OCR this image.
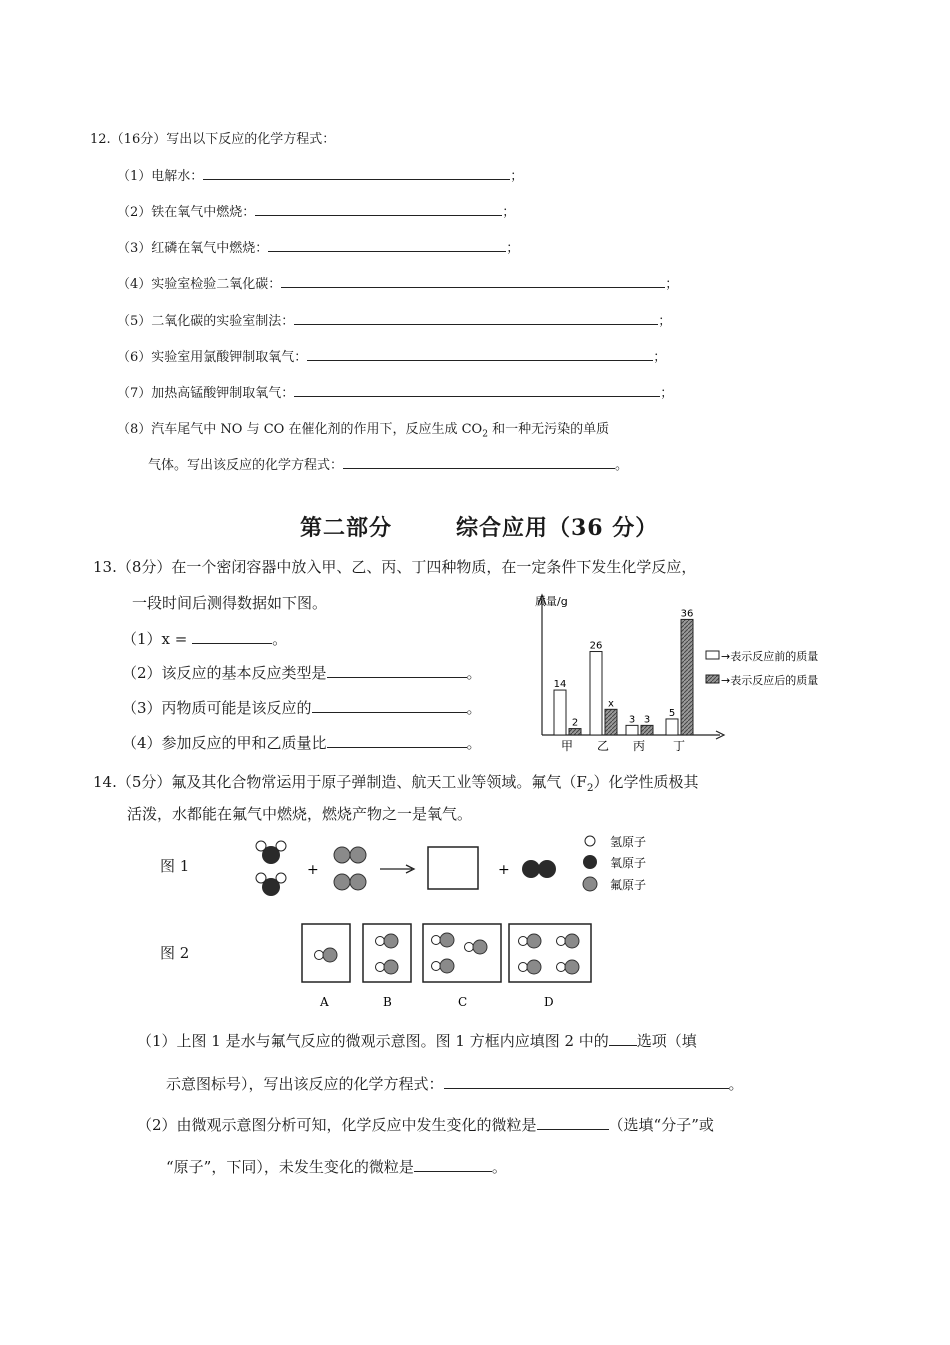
12.（16分）写出以下反应的化学方程式：
（1）电解水：	；
（2）铁在氧气中燃烧：	；
（3）红磷在氧气中燃烧：	；
（4）实验室检验二氧化碳：	；
（5）二氧化碳的实验室制法：	；
（6）实验室用氯酸钾制取氧气：	；
（7）加热高锰酸钾制取氧气：	；
（8）汽车尾气中 NO 与 CO 在催化剂的作用下，反应生成 $CO_2$ 和一种无污染的单质
气体。写出该反应的化学方程式：	。
第二部分	综合应用（36 分）
13.（8分）在一个密闭容器中放入甲、乙、丙、丁四种物质，在一定条件下发生化学反应，
一段时间后测得数据如下图。
（1）x =	。
（2）该反应的基本反应类型是	。
（3）丙物质可能是该反应的	。
（4）参加反应的甲和乙质量比	。
质量/g
14
2
甲
26
x
乙
3 3
丙
5
36
丁
→表示反应前的质量
→表示反应后的质量
14.（5分）氟及其化合物常运用于原子弹制造、航天工业等领域。氟气$(F_2)$化学性质极其
活泼，水都能在氟气中燃烧，燃烧产物之一是氧气。
图 1	+	+
氢原子
氧原子
氟原子
图 2
A	B	C	D
（1）上图 1 是水与氟气反应的微观示意图。图 1 方框内应填图 2 中的 选项（填
示意图标号），写出该反应的化学方程式：	。
（2）由微观示意图分析可知，化学反应中发生变化的微粒是	（选填“分子”或
“原子”，下同），未发生变化的微粒是	。
